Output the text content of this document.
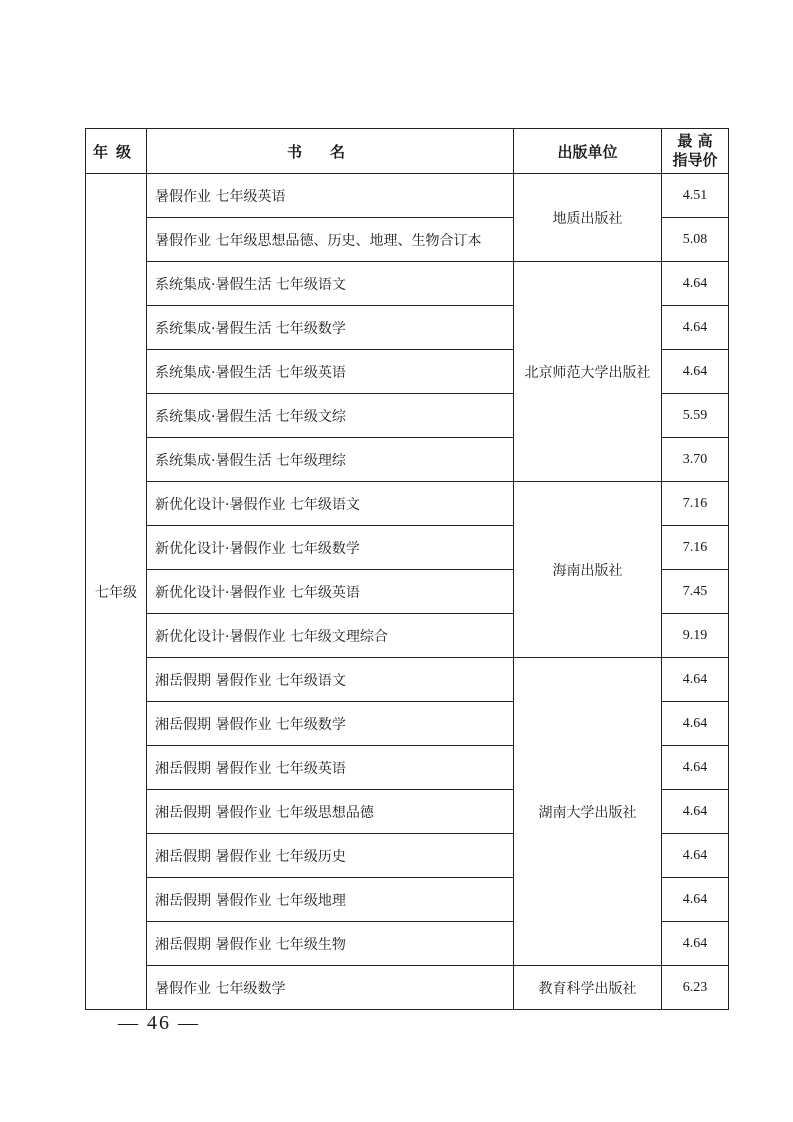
年级	书名	出版单位	最 高
指导价

七年级	暑假作业 七年级英语	地质出版社	4.51
	暑假作业 七年级思想品德、历史、地理、生物合订本		5.08
	系统集成·暑假生活 七年级语文	北京师范大学出版社	4.64
	系统集成·暑假生活 七年级数学		4.64
	系统集成·暑假生活 七年级英语		4.64
	系统集成·暑假生活 七年级文综		5.59
	系统集成·暑假生活 七年级理综		3.70
	新优化设计·暑假作业 七年级语文	海南出版社	7.16
	新优化设计·暑假作业 七年级数学		7.16
	新优化设计·暑假作业 七年级英语		7.45
	新优化设计·暑假作业 七年级文理综合		9.19
	湘岳假期 暑假作业 七年级语文	湖南大学出版社	4.64
	湘岳假期 暑假作业 七年级数学		4.64
	湘岳假期 暑假作业 七年级英语		4.64
	湘岳假期 暑假作业 七年级思想品德		4.64
	湘岳假期 暑假作业 七年级历史		4.64
	湘岳假期 暑假作业 七年级地理		4.64
	湘岳假期 暑假作业 七年级生物		4.64
	暑假作业 七年级数学	教育科学出版社	6.23
— 46 —
